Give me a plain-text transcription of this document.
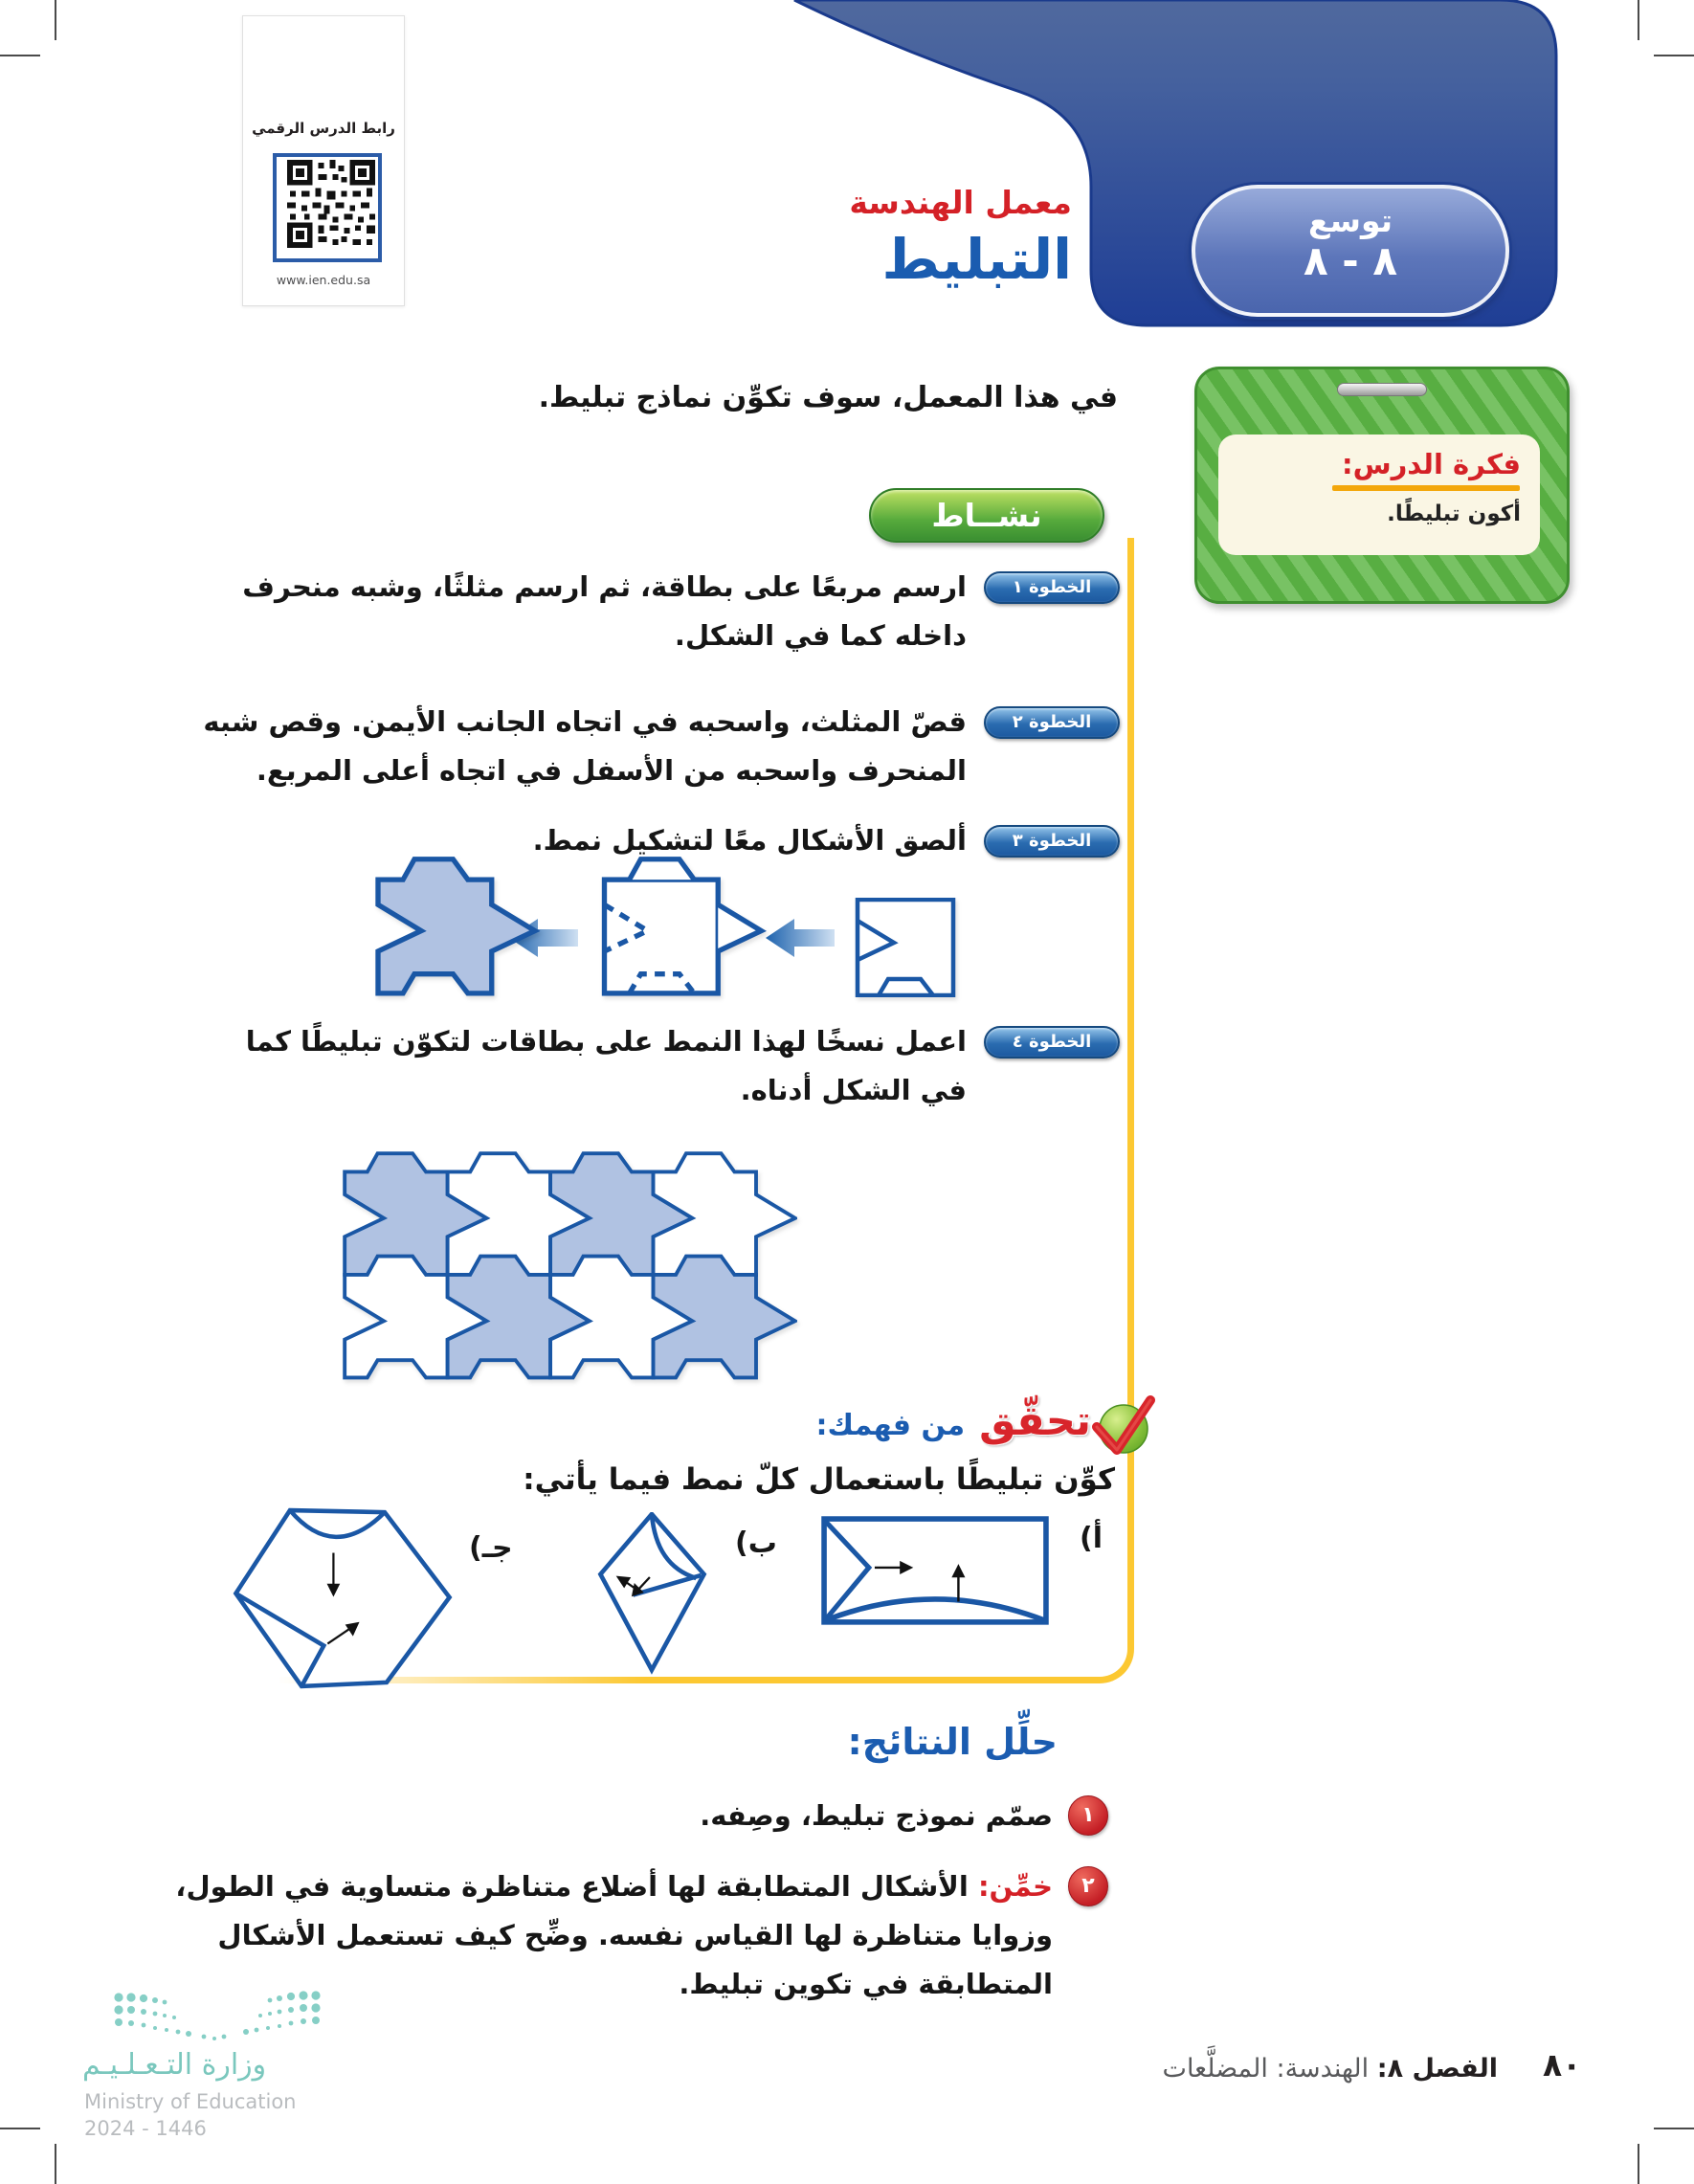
توسع
٨ - ٨
رابط الدرس الرقمي
www.ien.edu.sa
معمل الهندسة
التبليط
فكرة الدرس:
أكون تبليطًا.
في هذا المعمل، سوف تكوِّن نماذج تبليط.
نشــاط
الخطوة ١
ارسم مربعًا على بطاقة، ثم ارسم مثلثًا، وشبه منحرف داخله كما في الشكل.
الخطوة ٢
قصّ المثلث، واسحبه في اتجاه الجانب الأيمن. وقص شبه المنحرف واسحبه من الأسفل في اتجاه أعلى المربع.
الخطوة ٣
ألصق الأشكال معًا لتشكيل نمط.
الخطوة ٤
اعمل نسخًا لهذا النمط على بطاقات لتكوّن تبليطًا كما في الشكل أدناه.
تحقّق من فهمك:
كوِّن تبليطًا باستعمال كلّ نمط فيما يأتي:
أ)
ب)
جـ)
حلِّل النتائج:
١
صمّم نموذج تبليط، وصِفه.
٢
خمِّن: الأشكال المتطابقة لها أضلاع متناظرة متساوية في الطول، وزوايا متناظرة لها القياس نفسه. وضِّح كيف تستعمل الأشكال المتطابقة في تكوين تبليط.
وزارة التـعـلـيـم
Ministry of Education
2024 - 1446
٨٠
الفصل ٨: الهندسة: المضلَّعات
